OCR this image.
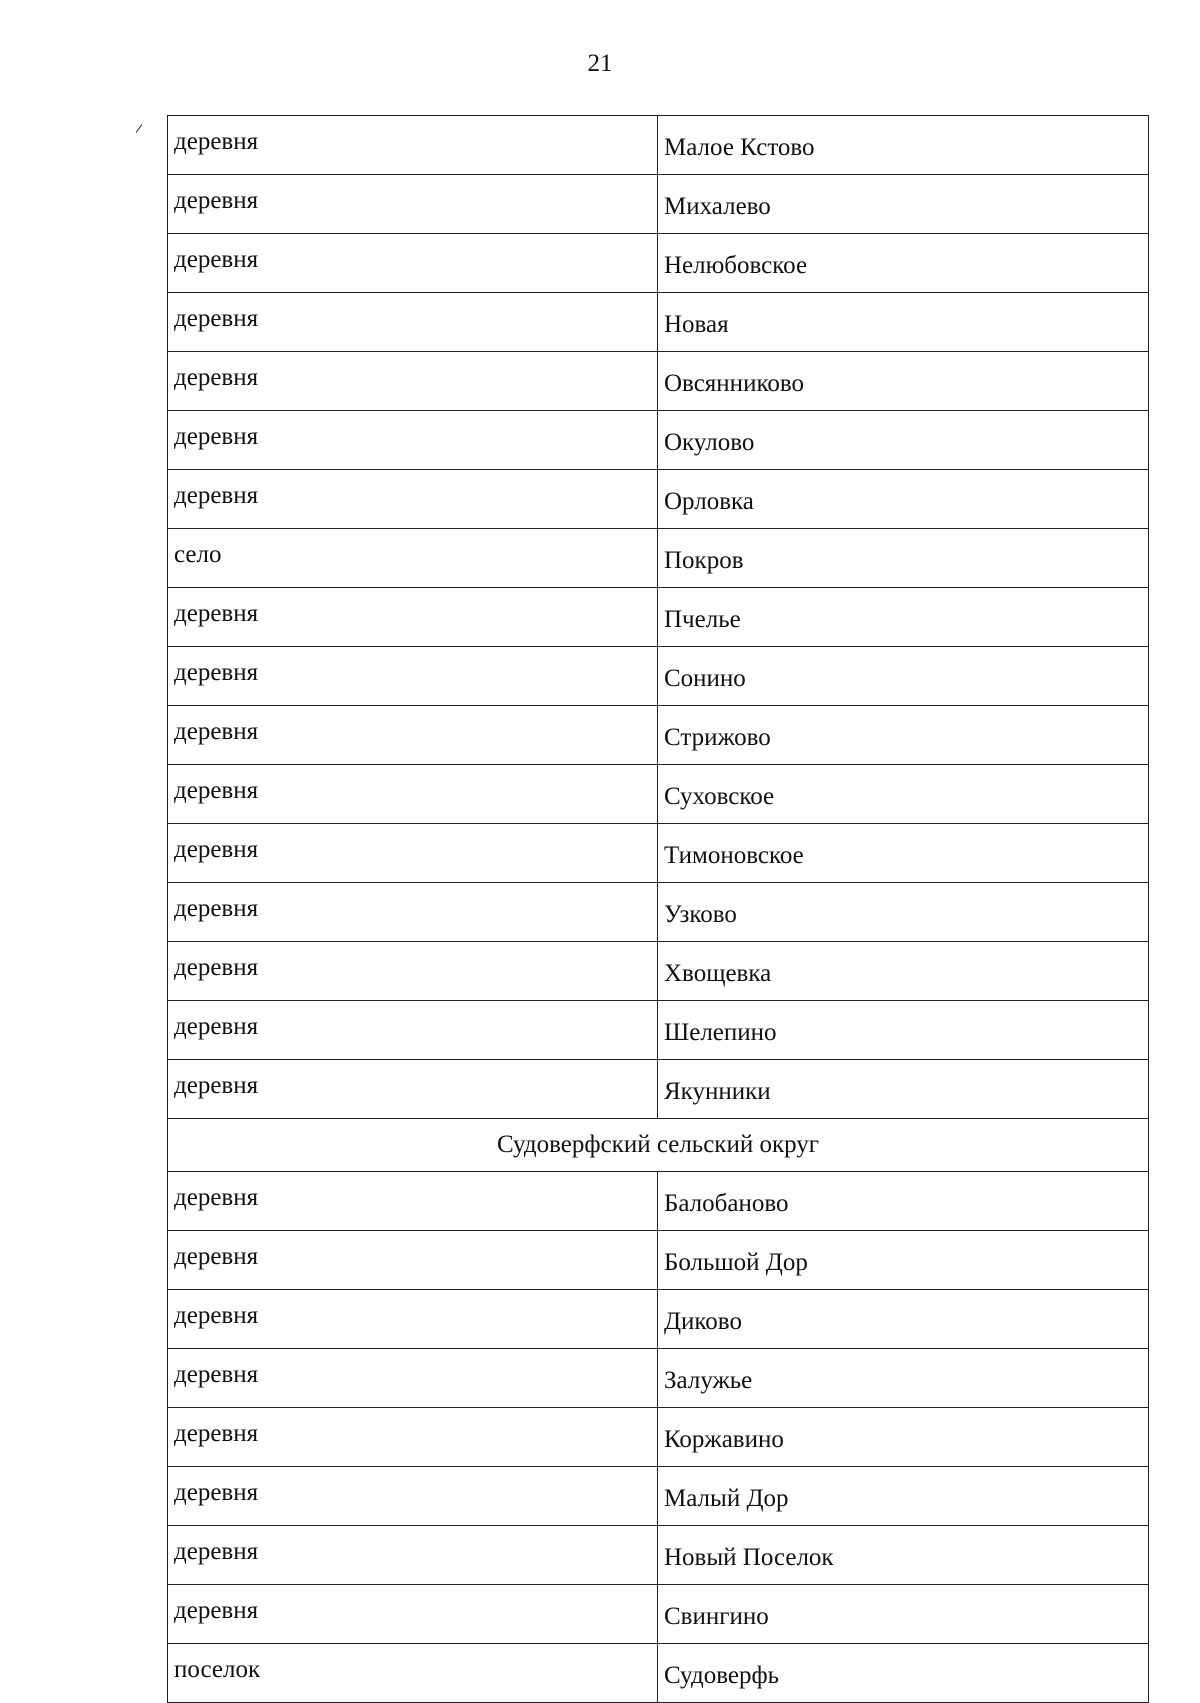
21
деревня	Малое Кстово
деревня	Михалево
деревня	Нелюбовское
деревня	Новая
деревня	Овсянниково
деревня	Окулово
деревня	Орловка
село	Покров
деревня	Пчелье
деревня	Сонино
деревня	Стрижово
деревня	Суховское
деревня	Тимоновское
деревня	Узково
деревня	Хвощевка
деревня	Шелепино
деревня	Якунники
Судоверфский сельский округ	
деревня	Балобаново
деревня	Большой Дор
деревня	Диково
деревня	Залужье
деревня	Коржавино
деревня	Малый Дор
деревня	Новый Поселок
деревня	Свингино
поселок	Судоверфь
